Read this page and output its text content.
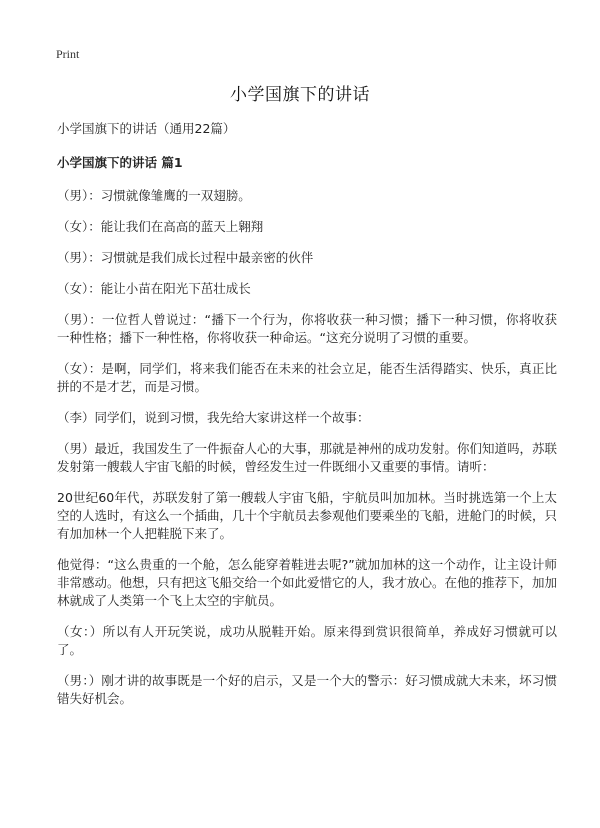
Print
小学国旗下的讲话

小学国旗下的讲话（通用22篇）

小学国旗下的讲话 篇1

（男）：习惯就像雏鹰的一双翅膀。

（女）：能让我们在高高的蓝天上翱翔

（男）：习惯就是我们成长过程中最亲密的伙伴

（女）：能让小苗在阳光下茁壮成长

（男）：一位哲人曾说过：“播下一个行为，你将收获一种习惯；播下一种习惯，你将收获一种性格；播下一种性格，你将收获一种命运。“这充分说明了习惯的重要。

（女）：是啊，同学们，将来我们能否在未来的社会立足，能否生活得踏实、快乐，真正比拼的不是才艺，而是习惯。

（李）同学们，说到习惯，我先给大家讲这样一个故事：

（男）最近，我国发生了一件振奋人心的大事，那就是神州的成功发射。你们知道吗，苏联发射第一艘载人宇宙飞船的时候，曾经发生过一件既细小又重要的事情。请听：

20世纪60年代，苏联发射了第一艘载人宇宙飞船，宇航员叫加加林。当时挑选第一个上太空的人选时，有这么一个插曲，几十个宇航员去参观他们要乘坐的飞船，进舱门的时候，只有加加林一个人把鞋脱下来了。

他觉得：“这么贵重的一个舱，怎么能穿着鞋进去呢?”就加加林的这一个动作，让主设计师非常感动。他想，只有把这飞船交给一个如此爱惜它的人，我才放心。在他的推荐下，加加林就成了人类第一个飞上太空的宇航员。

（女：）所以有人开玩笑说，成功从脱鞋开始。原来得到赏识很简单，养成好习惯就可以了。

（男：）刚才讲的故事既是一个好的启示，又是一个大的警示：好习惯成就大未来，坏习惯错失好机会。
